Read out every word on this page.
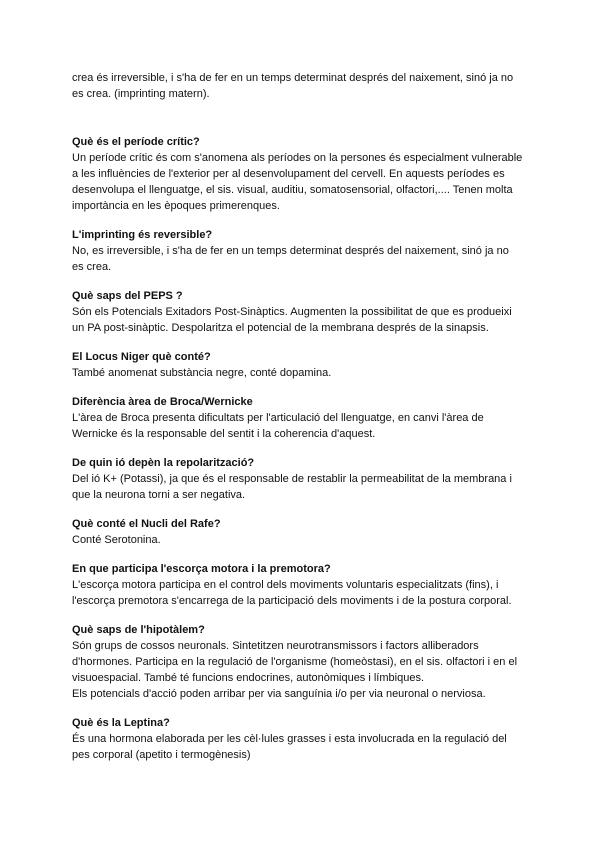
crea és irreversible, i s'ha de fer en un temps determinat després del naixement, sinó ja no
es crea. (imprinting matern).

Què és el període crític?

Un període crític és com s'anomena als períodes on la persones és especialment vulnerable
a les influències de l'exterior per al desenvolupament del cervell. En aquests períodes es
desenvolupa el llenguatge, el sis. visual, auditiu, somatosensorial, olfactori,.... Tenen molta
importància en les èpoques primerenques.

L'imprinting és reversible?

No, es irreversible, i s'ha de fer en un temps determinat després del naixement, sinó ja no
es crea.

Què saps del PEPS ?

Són els Potencials Exitadors Post-Sinàptics. Augmenten la possibilitat de que es produeixi
un PA post-sinàptic. Despolaritza el potencial de la membrana després de la sinapsis.

El Locus Niger què conté?

També anomenat substància negre, conté dopamina.

Diferència àrea de Broca/Wernicke

L'àrea de Broca presenta dificultats per l'articulació del llenguatge, en canvi l'àrea de
Wernicke és la responsable del sentit i la coherencia d'aquest.

De quin ió depèn la repolarització?

Del ió K+ (Potassi), ja que és el responsable de restablir la permeabilitat de la membrana i
que la neurona torni a ser negativa.

Què conté el Nucli del Rafe?

Conté Serotonina.

En que participa l'escorça motora i la premotora?

L'escorça motora participa en el control dels moviments voluntaris especialitzats (fins), i
l'escorça premotora s'encarrega de la participació dels moviments i de la postura corporal.

Què saps de l'hipotàlem?

Són grups de cossos neuronals. Sintetitzen neurotransmissors i factors alliberadors
d'hormones. Participa en la regulació de l'organisme (homeòstasi), en el sis. olfactori i en el
visuoespacial. També té funcions endocrines, autonòmiques i límbiques.
Els potencials d'acció poden arribar per via sanguínia i/o per via neuronal o nerviosa.

Què és la Leptina?

És una hormona elaborada per les cèl·lules grasses i esta involucrada en la regulació del
pes corporal (apetito i termogènesis)
